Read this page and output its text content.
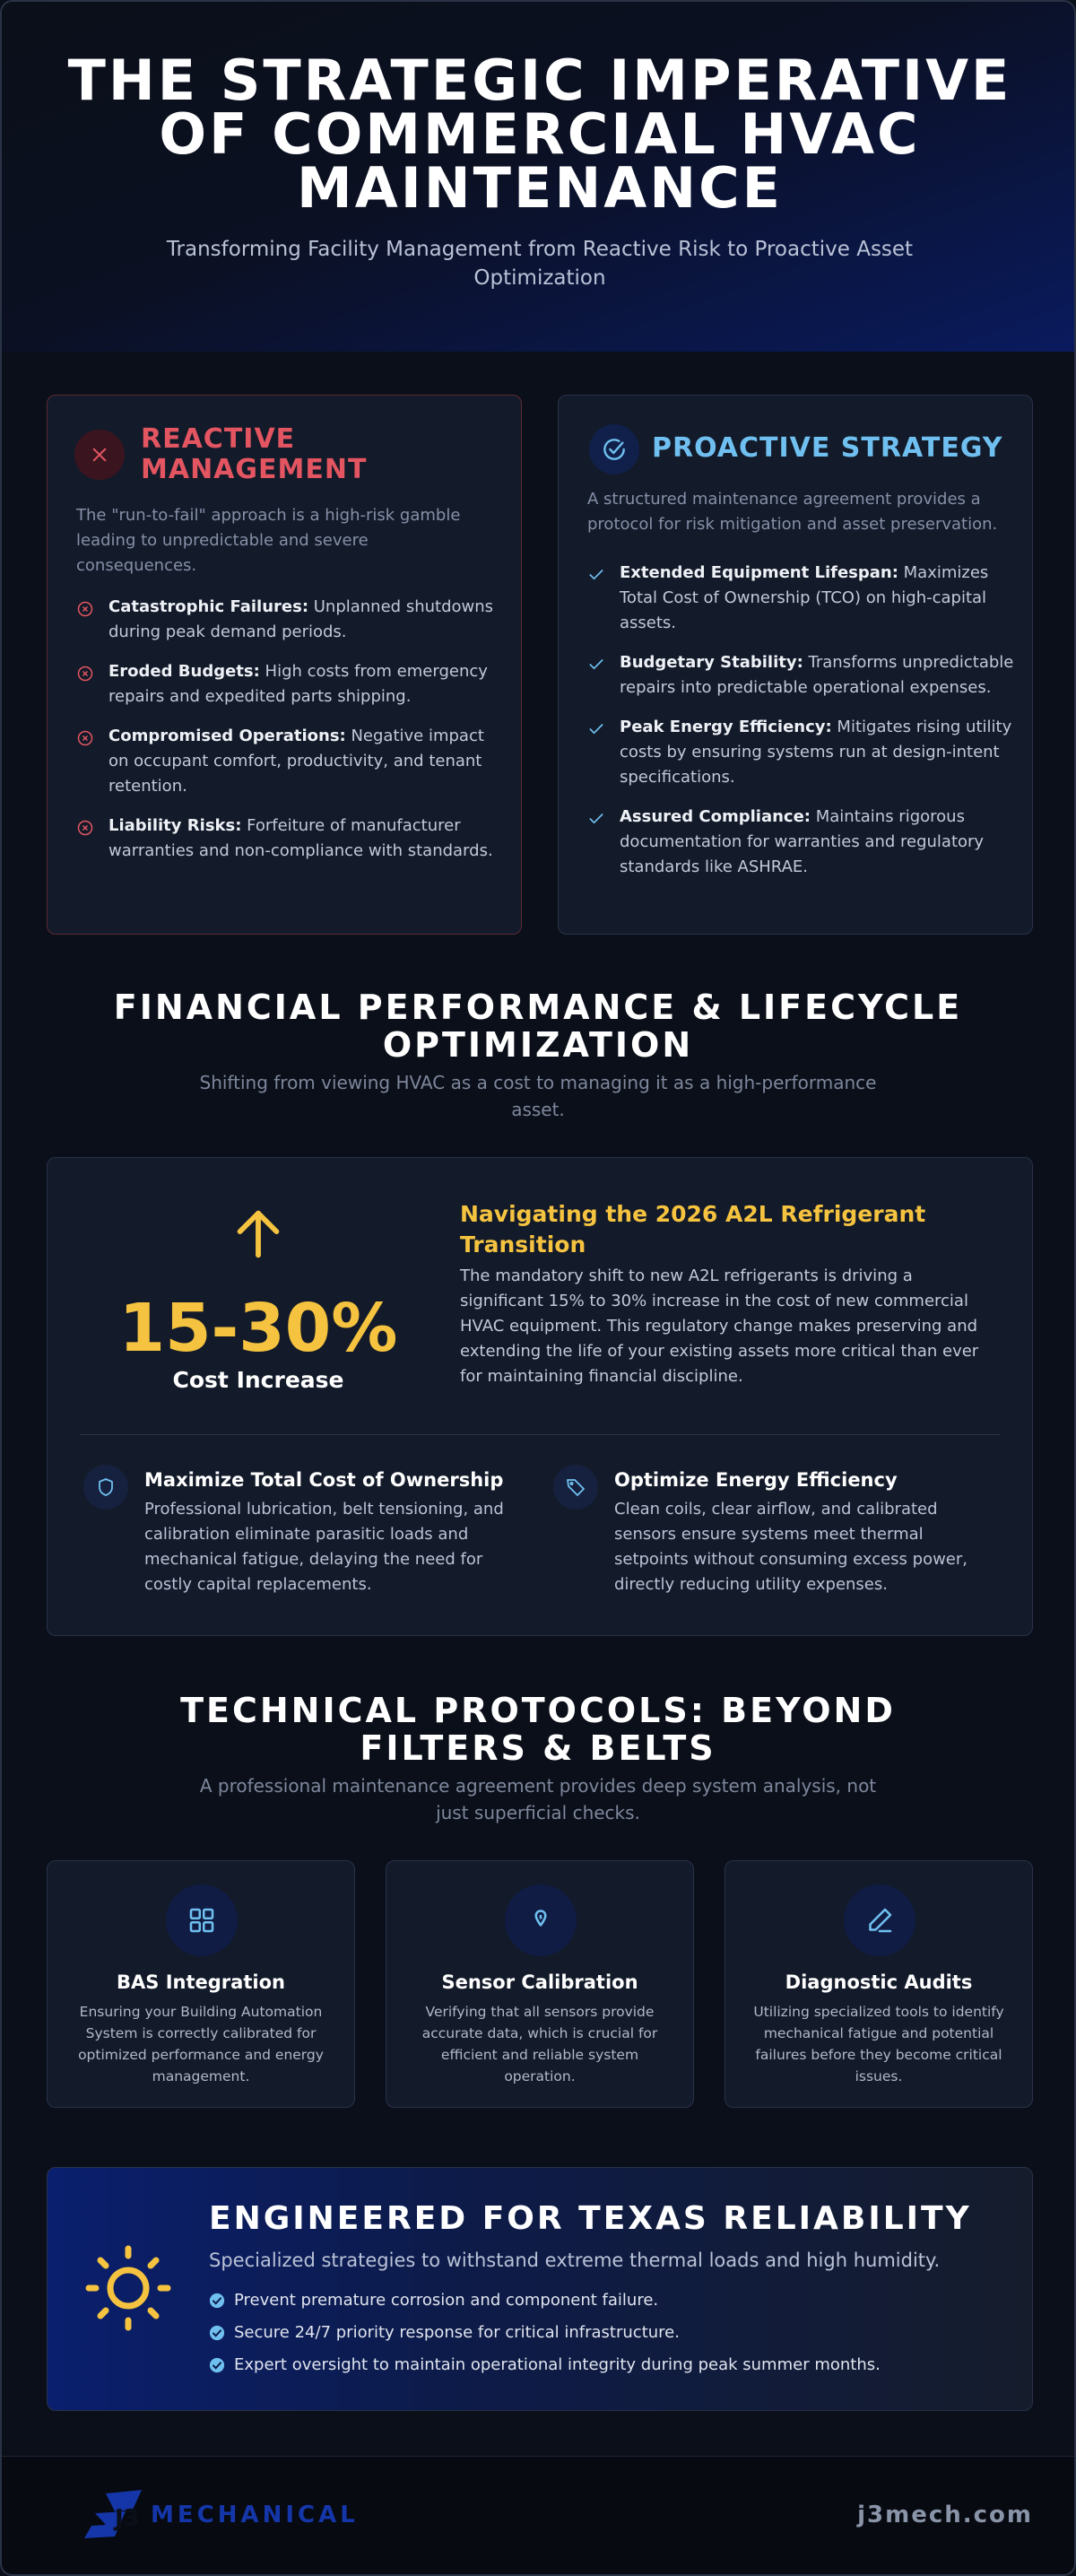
THE STRATEGIC IMPERATIVE OF COMMERCIAL HVAC MAINTENANCE

Transforming Facility Management from Reactive Risk to Proactive Asset Optimization

REACTIVE MANAGEMENT

The "run-to-fail" approach is a high-risk gamble leading to unpredictable and severe consequences.

Catastrophic Failures: Unplanned shutdowns during peak demand periods.
Eroded Budgets: High costs from emergency repairs and expedited parts shipping.
Compromised Operations: Negative impact on occupant comfort, productivity, and tenant retention.
Liability Risks: Forfeiture of manufacturer warranties and non-compliance with standards.
PROACTIVE STRATEGY

A structured maintenance agreement provides a protocol for risk mitigation and asset preservation.

Extended Equipment Lifespan: Maximizes Total Cost of Ownership (TCO) on high-capital assets.
Budgetary Stability: Transforms unpredictable repairs into predictable operational expenses.
Peak Energy Efficiency: Mitigates rising utility costs by ensuring systems run at design-intent specifications.
Assured Compliance: Maintains rigorous documentation for warranties and regulatory standards like ASHRAE.
FINANCIAL PERFORMANCE & LIFECYCLE OPTIMIZATION

Shifting from viewing HVAC as a cost to managing it as a high-performance asset.

15-30%
Cost Increase
Navigating the 2026 A2L Refrigerant Transition

The mandatory shift to new A2L refrigerants is driving a significant 15% to 30% increase in the cost of new commercial HVAC equipment. This regulatory change makes preserving and extending the life of your existing assets more critical than ever for maintaining financial discipline.

Maximize Total Cost of Ownership

Professional lubrication, belt tensioning, and calibration eliminate parasitic loads and mechanical fatigue, delaying the need for costly capital replacements.

Optimize Energy Efficiency

Clean coils, clear airflow, and calibrated sensors ensure systems meet thermal setpoints without consuming excess power, directly reducing utility expenses.

TECHNICAL PROTOCOLS: BEYOND FILTERS & BELTS

A professional maintenance agreement provides deep system analysis, not just superficial checks.

BAS Integration

Ensuring your Building Automation System is correctly calibrated for optimized performance and energy management.

Sensor Calibration

Verifying that all sensors provide accurate data, which is crucial for efficient and reliable system operation.

Diagnostic Audits

Utilizing specialized tools to identify mechanical fatigue and potential failures before they become critical issues.

ENGINEERED FOR TEXAS RELIABILITY

Specialized strategies to withstand extreme thermal loads and high humidity.

Prevent premature corrosion and component failure.
Secure 24/7 priority response for critical infrastructure.
Expert oversight to maintain operational integrity during peak summer months.
J3 MECHANICAL	j3mech.com
